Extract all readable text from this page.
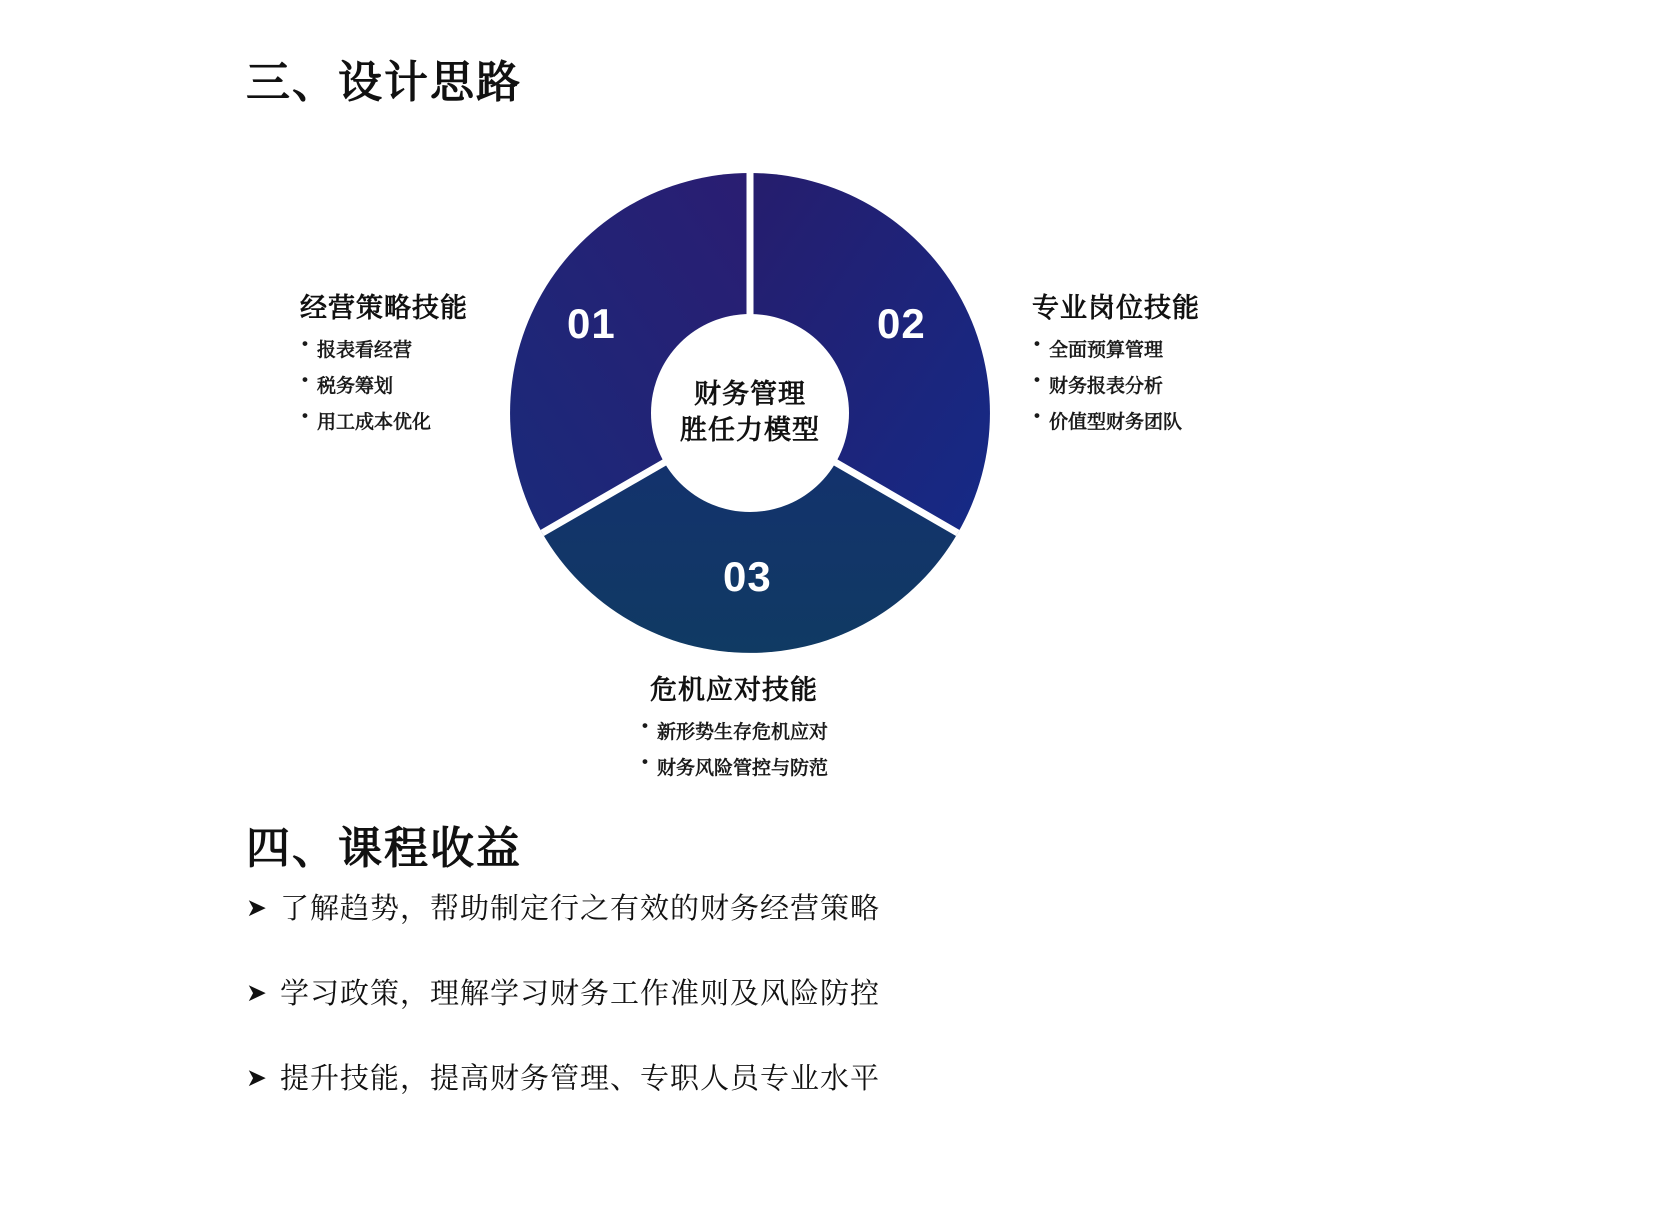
三、设计思路
财务管理
胜任力模型
01	02
03
经营策略技能
• 报表看经营
• 税务筹划
• 用工成本优化
专业岗位技能
• 全面预算管理
• 财务报表分析
• 价值型财务团队
危机应对技能
• 新形势生存危机应对
• 财务风险管控与防范
四、课程收益
➤ 了解趋势，帮助制定行之有效的财务经营策略
➤ 学习政策，理解学习财务工作准则及风险防控
➤ 提升技能，提高财务管理、专职人员专业水平
